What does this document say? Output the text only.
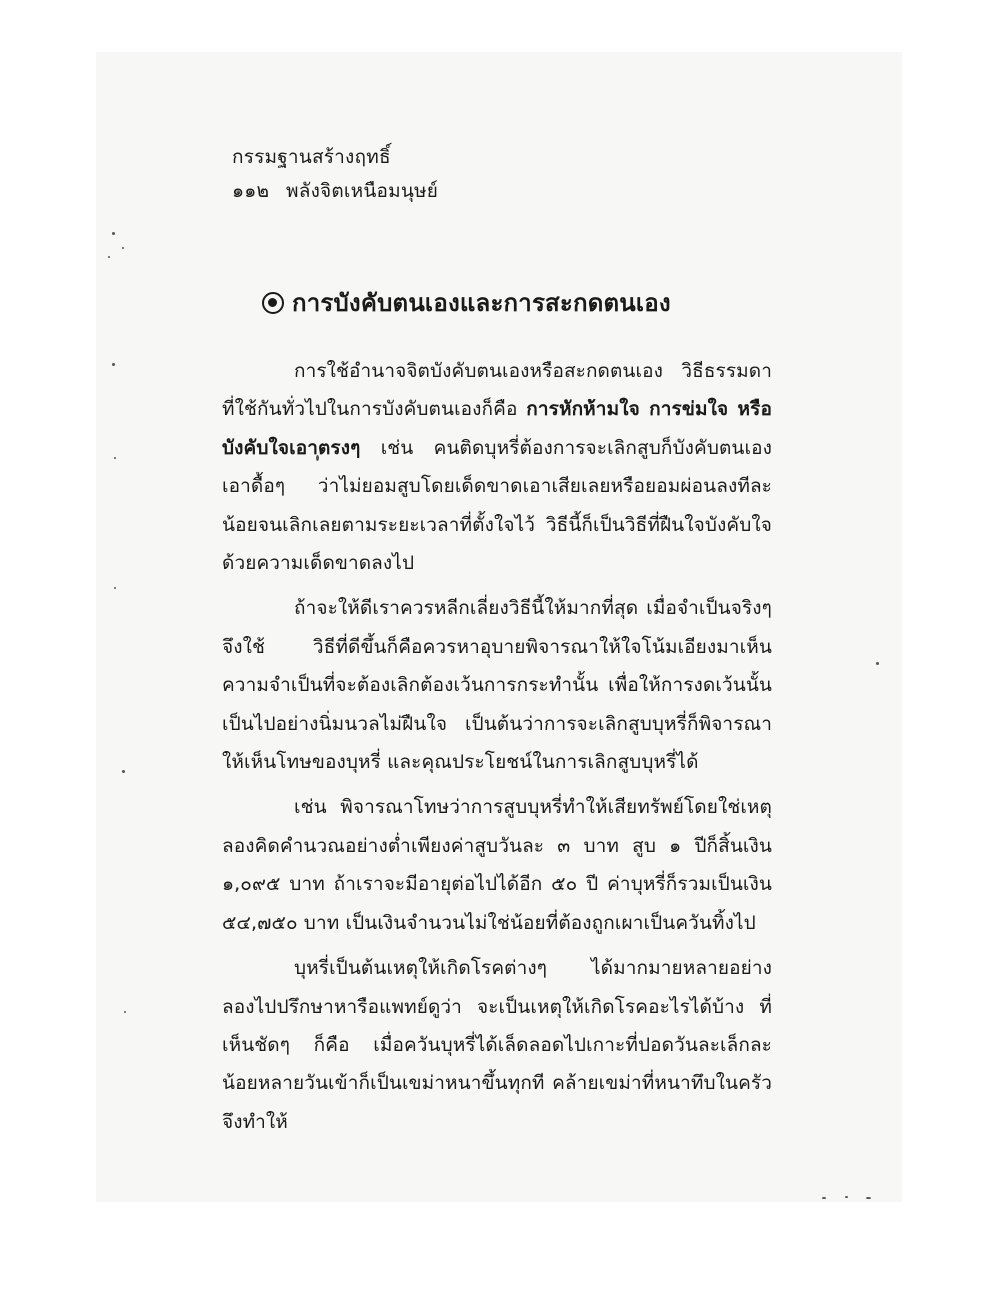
กรรมฐานสร้างฤทธิ์
๑๑๒ พลังจิตเหนือมนุษย์
การบังคับตนเองและการสะกดตนเอง

การใช้อำนาจจิตบังคับตนเองหรือสะกดตนเอง วิธีธรรมดาที่ใช้กันทั่วไปในการบังคับตนเองก็คือ การหักห้ามใจ การข่มใจ หรือบังคับใจเอาตรงๆ เช่น คนติดบุหรี่ต้องการจะเลิกสูบก็บังคับตนเองเอาดื้อๆ ว่าไม่ยอมสูบโดยเด็ดขาดเอาเสียเลยหรือยอมผ่อนลงทีละน้อยจนเลิกเลยตามระยะเวลาที่ตั้งใจไว้ วิธีนี้ก็เป็นวิธีที่ฝืนใจบังคับใจด้วยความเด็ดขาดลงไป

ถ้าจะให้ดีเราควรหลีกเลี่ยงวิธีนี้ให้มากที่สุด เมื่อจำเป็นจริงๆ จึงใช้ วิธีที่ดีขึ้นก็คือควรหาอุบายพิจารณาให้ใจโน้มเอียงมาเห็นความจำเป็นที่จะต้องเลิกต้องเว้นการกระทำนั้น เพื่อให้การงดเว้นนั้นเป็นไปอย่างนิ่มนวลไม่ฝืนใจ เป็นต้นว่าการจะเลิกสูบบุหรี่ก็พิจารณาให้เห็นโทษของบุหรี่ และคุณประโยชน์ในการเลิกสูบบุหรี่ได้

เช่น พิจารณาโทษว่าการสูบบุหรี่ทำให้เสียทรัพย์โดยใช่เหตุ ลองคิดคำนวณอย่างต่ำเพียงค่าสูบวันละ ๓ บาท สูบ ๑ ปีก็สิ้นเงิน ๑,๐๙๕ บาท ถ้าเราจะมีอายุต่อไปได้อีก ๕๐ ปี ค่าบุหรี่ก็รวมเป็นเงิน ๕๔,๗๕๐ บาท เป็นเงินจำนวนไม่ใช่น้อยที่ต้องถูกเผาเป็นควันทิ้งไป

บุหรี่เป็นต้นเหตุให้เกิดโรคต่างๆ ได้มากมายหลายอย่าง ลองไปปรึกษาหารือแพทย์ดูว่า จะเป็นเหตุให้เกิดโรคอะไรได้บ้าง ที่เห็นชัดๆ ก็คือ เมื่อควันบุหรี่ได้เล็ดลอดไปเกาะที่ปอดวันละเล็กละน้อยหลายวันเข้าก็เป็นเขม่าหนาขึ้นทุกที คล้ายเขม่าที่หนาทึบในครัว จึงทำให้
